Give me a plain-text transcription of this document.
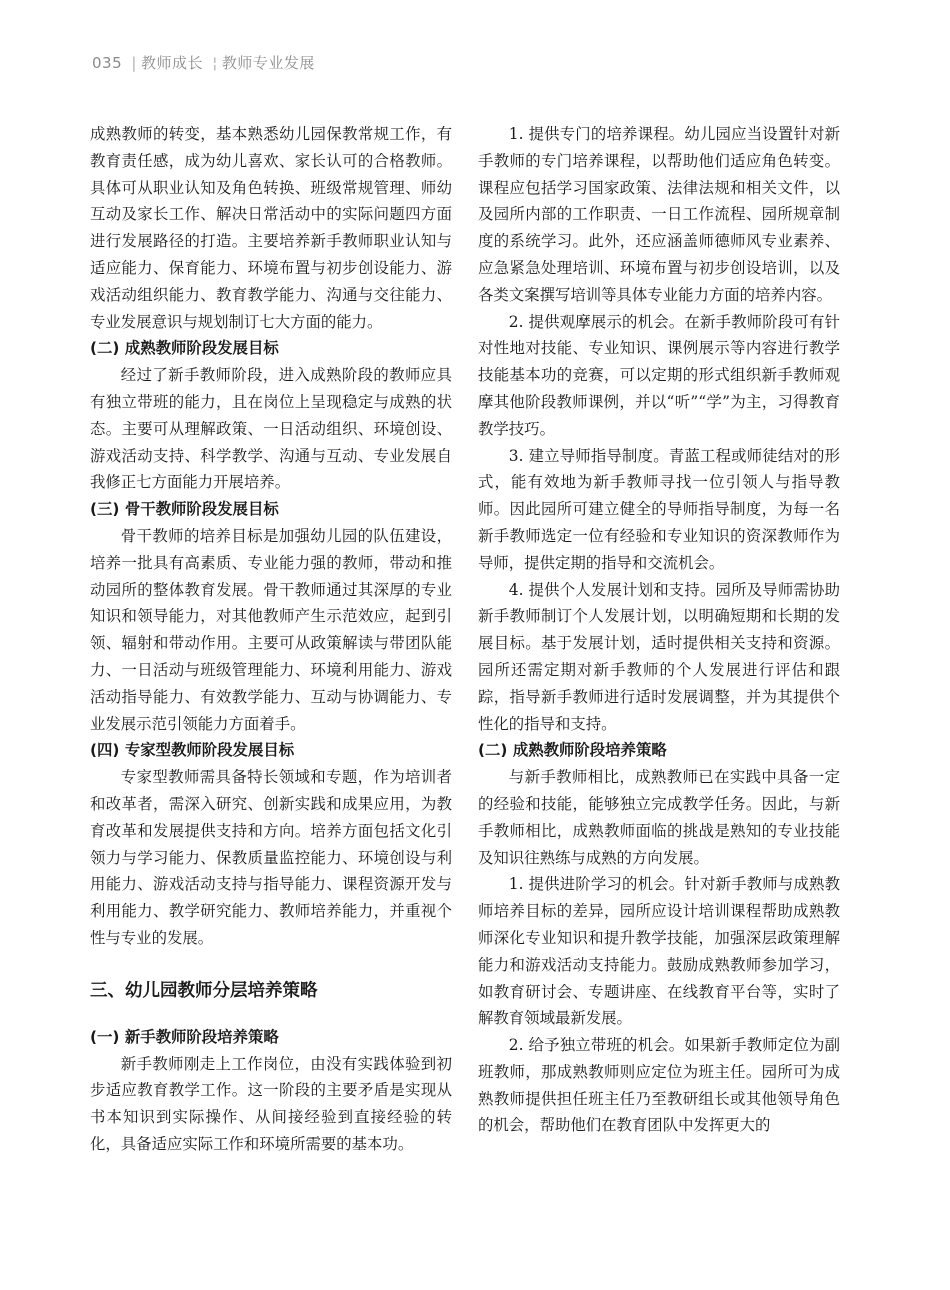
035 | 教师成长 ¦ 教师专业发展

成熟教师的转变，基本熟悉幼儿园保教常规工作，有教育责任感，成为幼儿喜欢、家长认可的合格教师。具体可从职业认知及角色转换、班级常规管理、师幼互动及家长工作、解决日常活动中的实际问题四方面进行发展路径的打造。主要培养新手教师职业认知与适应能力、保育能力、环境布置与初步创设能力、游戏活动组织能力、教育教学能力、沟通与交往能力、专业发展意识与规划制订七大方面的能力。

(二) 成熟教师阶段发展目标

经过了新手教师阶段，进入成熟阶段的教师应具有独立带班的能力，且在岗位上呈现稳定与成熟的状态。主要可从理解政策、一日活动组织、环境创设、游戏活动支持、科学教学、沟通与互动、专业发展自我修正七方面能力开展培养。

(三) 骨干教师阶段发展目标

骨干教师的培养目标是加强幼儿园的队伍建设，培养一批具有高素质、专业能力强的教师，带动和推动园所的整体教育发展。骨干教师通过其深厚的专业知识和领导能力，对其他教师产生示范效应，起到引领、辐射和带动作用。主要可从政策解读与带团队能力、一日活动与班级管理能力、环境利用能力、游戏活动指导能力、有效教学能力、互动与协调能力、专业发展示范引领能力方面着手。

(四) 专家型教师阶段发展目标

专家型教师需具备特长领域和专题，作为培训者和改革者，需深入研究、创新实践和成果应用，为教育改革和发展提供支持和方向。培养方面包括文化引领力与学习能力、保教质量监控能力、环境创设与利用能力、游戏活动支持与指导能力、课程资源开发与利用能力、教学研究能力、教师培养能力，并重视个性与专业的发展。

三、幼儿园教师分层培养策略
(一) 新手教师阶段培养策略

新手教师刚走上工作岗位，由没有实践体验到初步适应教育教学工作。这一阶段的主要矛盾是实现从书本知识到实际操作、从间接经验到直接经验的转化，具备适应实际工作和环境所需要的基本功。

1. 提供专门的培养课程。幼儿园应当设置针对新手教师的专门培养课程，以帮助他们适应角色转变。课程应包括学习国家政策、法律法规和相关文件，以及园所内部的工作职责、一日工作流程、园所规章制度的系统学习。此外，还应涵盖师德师风专业素养、应急紧急处理培训、环境布置与初步创设培训，以及各类文案撰写培训等具体专业能力方面的培养内容。

2. 提供观摩展示的机会。在新手教师阶段可有针对性地对技能、专业知识、课例展示等内容进行教学技能基本功的竞赛，可以定期的形式组织新手教师观摩其他阶段教师课例，并以“听”“学”为主，习得教育教学技巧。

3. 建立导师指导制度。青蓝工程或师徒结对的形式，能有效地为新手教师寻找一位引领人与指导教师。因此园所可建立健全的导师指导制度，为每一名新手教师选定一位有经验和专业知识的资深教师作为导师，提供定期的指导和交流机会。

4. 提供个人发展计划和支持。园所及导师需协助新手教师制订个人发展计划，以明确短期和长期的发展目标。基于发展计划，适时提供相关支持和资源。园所还需定期对新手教师的个人发展进行评估和跟踪，指导新手教师进行适时发展调整，并为其提供个性化的指导和支持。

(二) 成熟教师阶段培养策略

与新手教师相比，成熟教师已在实践中具备一定的经验和技能，能够独立完成教学任务。因此，与新手教师相比，成熟教师面临的挑战是熟知的专业技能及知识往熟练与成熟的方向发展。

1. 提供进阶学习的机会。针对新手教师与成熟教师培养目标的差异，园所应设计培训课程帮助成熟教师深化专业知识和提升教学技能，加强深层政策理解能力和游戏活动支持能力。鼓励成熟教师参加学习，如教育研讨会、专题讲座、在线教育平台等，实时了解教育领域最新发展。

2. 给予独立带班的机会。如果新手教师定位为副班教师，那成熟教师则应定位为班主任。园所可为成熟教师提供担任班主任乃至教研组长或其他领导角色的机会，帮助他们在教育团队中发挥更大的
